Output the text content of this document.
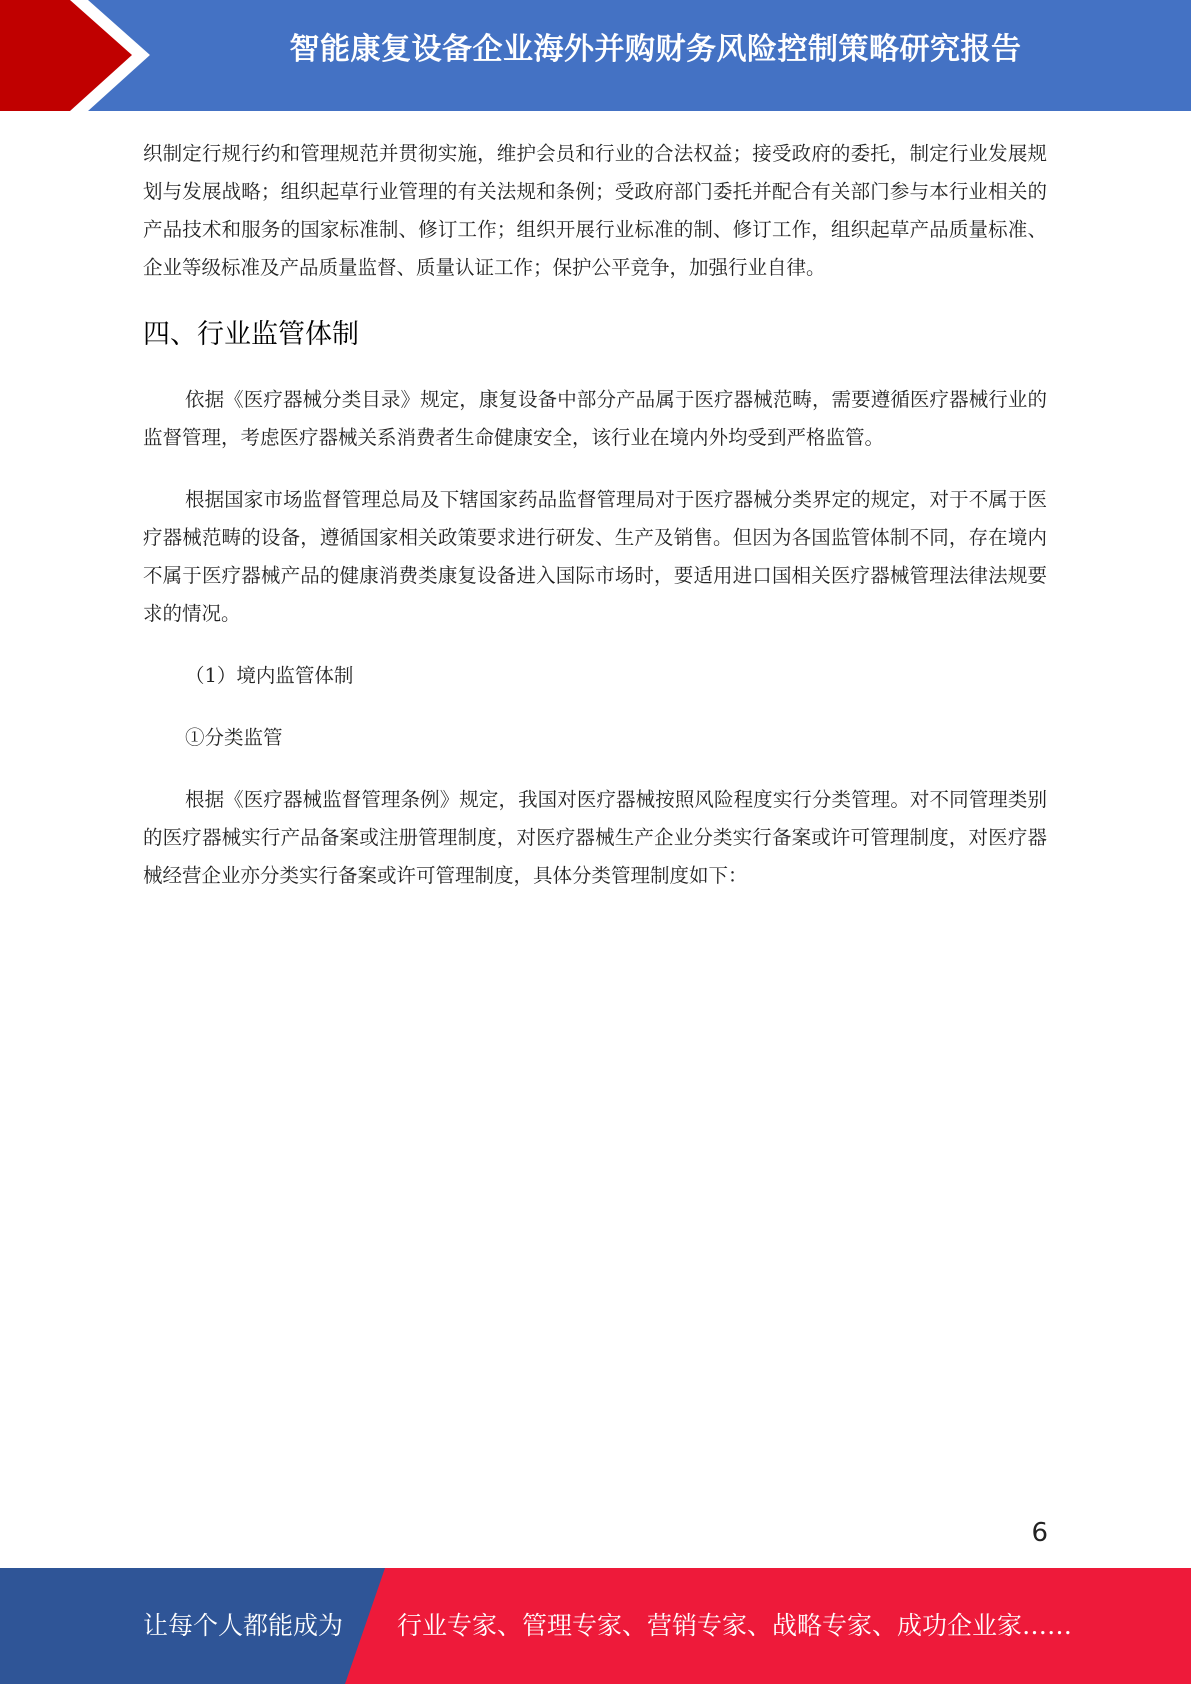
智能康复设备企业海外并购财务风险控制策略研究报告

织制定行规行约和管理规范并贯彻实施，维护会员和行业的合法权益；接受政府的委托，制定行业发展规划与发展战略；组织起草行业管理的有关法规和条例；受政府部门委托并配合有关部门参与本行业相关的产品技术和服务的国家标准制、修订工作；组织开展行业标准的制、修订工作，组织起草产品质量标准、企业等级标准及产品质量监督、质量认证工作；保护公平竞争，加强行业自律。

四、行业监管体制

依据《医疗器械分类目录》规定，康复设备中部分产品属于医疗器械范畴，需要遵循医疗器械行业的监督管理，考虑医疗器械关系消费者生命健康安全，该行业在境内外均受到严格监管。

根据国家市场监督管理总局及下辖国家药品监督管理局对于医疗器械分类界定的规定，对于不属于医疗器械范畴的设备，遵循国家相关政策要求进行研发、生产及销售。但因为各国监管体制不同，存在境内不属于医疗器械产品的健康消费类康复设备进入国际市场时，要适用进口国相关医疗器械管理法律法规要求的情况。

（1）境内监管体制

①分类监管

根据《医疗器械监督管理条例》规定，我国对医疗器械按照风险程度实行分类管理。对不同管理类别的医疗器械实行产品备案或注册管理制度，对医疗器械生产企业分类实行备案或许可管理制度，对医疗器械经营企业亦分类实行备案或许可管理制度，具体分类管理制度如下：

6
让每个人都能成为 行业专家、管理专家、营销专家、战略专家、成功企业家……
